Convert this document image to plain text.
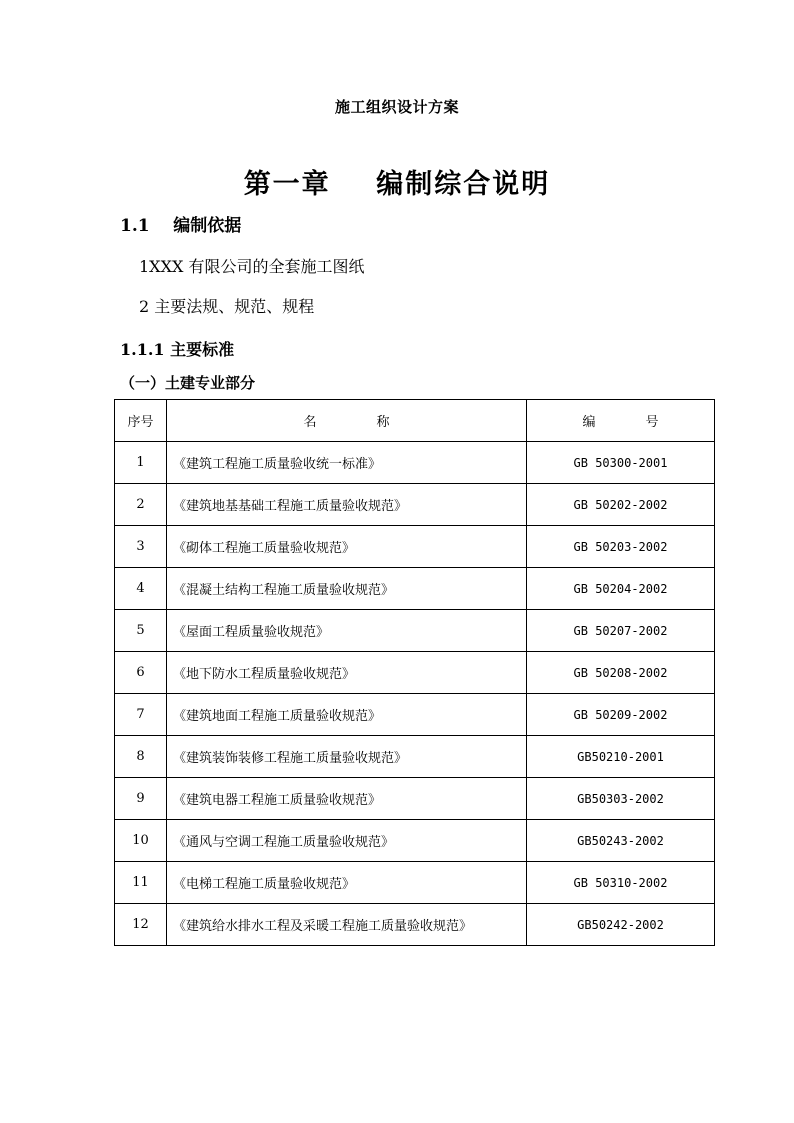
施工组织设计方案
第一章    编制综合说明
1.1    编制依据
1XXX 有限公司的全套施工图纸
2 主要法规、规范、规程
1.1.1 主要标准
（一）土建专业部分
序号	名称	编号
1	《建筑工程施工质量验收统一标准》	GB 50300-2001
2	《建筑地基基础工程施工质量验收规范》	GB 50202-2002
3	《砌体工程施工质量验收规范》	GB 50203-2002
4	《混凝土结构工程施工质量验收规范》	GB 50204-2002
5	《屋面工程质量验收规范》	GB 50207-2002
6	《地下防水工程质量验收规范》	GB 50208-2002
7	《建筑地面工程施工质量验收规范》	GB 50209-2002
8	《建筑装饰装修工程施工质量验收规范》	GB50210-2001
9	《建筑电器工程施工质量验收规范》	GB50303-2002
10	《通风与空调工程施工质量验收规范》	GB50243-2002
11	《电梯工程施工质量验收规范》	GB 50310-2002
12	《建筑给水排水工程及采暖工程施工质量验收规范》	GB50242-2002
